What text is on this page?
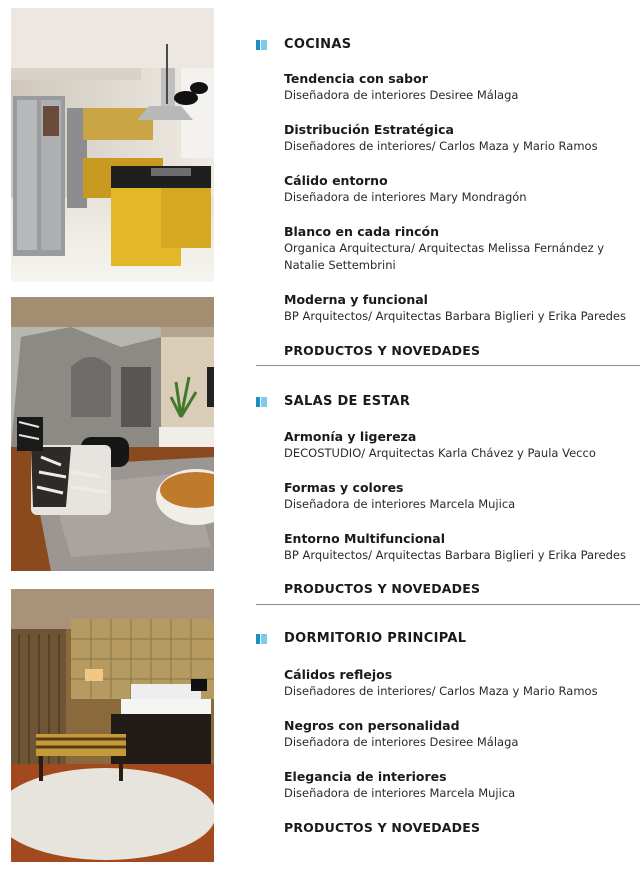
COCINAS
Tendencia con sabor
Diseñadora de interiores Desiree Málaga
Distribución Estratégica
Diseñadores de interiores/ Carlos Maza y Mario Ramos
Cálido entorno
Diseñadora de interiores Mary Mondragón
Blanco en cada rincón
Organica Arquitectura/ Arquitectas Melissa Fernández y Natalie Settembrini
Moderna y funcional
BP Arquitectos/ Arquitectas Barbara Biglieri y Erika Paredes
PRODUCTOS Y NOVEDADES
SALAS DE ESTAR
Armonía y ligereza
DECOSTUDIO/ Arquitectas Karla Chávez y Paula Vecco
Formas y colores
Diseñadora de interiores Marcela Mujica
Entorno Multifuncional
BP Arquitectos/ Arquitectas Barbara Biglieri y Erika Paredes
PRODUCTOS Y NOVEDADES
DORMITORIO PRINCIPAL
Cálidos reflejos
Diseñadores de interiores/ Carlos Maza y Mario Ramos
Negros con personalidad
Diseñadora de interiores Desiree Málaga
Elegancia de interiores
Diseñadora de interiores Marcela Mujica
PRODUCTOS Y NOVEDADES
